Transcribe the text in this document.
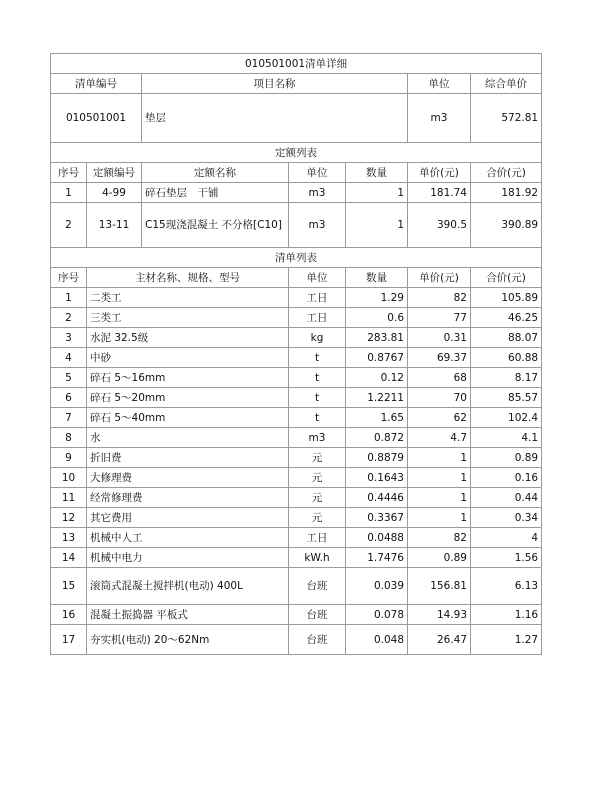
010501001清单详细						
清单编号		项目名称			单位	综合单价
010501001		垫层			m3	572.81
定额列表						
序号	定额编号	定额名称	单位	数量	单价(元)	合价(元)
1	4-99	碎石垫层　干铺	m3	1	181.74	181.92
2	13-11	C15现浇混凝土 不分格[C10]	m3	1	390.5	390.89
清单列表						
序号	主材名称、规格、型号		单位	数量	单价(元)	合价(元)
1	二类工		工日	1.29	82	105.89
2	三类工		工日	0.6	77	46.25
3	水泥 32.5级		kg	283.81	0.31	88.07
4	中砂		t	0.8767	69.37	60.88
5	碎石 5～16mm		t	0.12	68	8.17
6	碎石 5～20mm		t	1.2211	70	85.57
7	碎石 5～40mm		t	1.65	62	102.4
8	水		m3	0.872	4.7	4.1
9	折旧费		元	0.8879	1	0.89
10	大修理费		元	0.1643	1	0.16
11	经常修理费		元	0.4446	1	0.44
12	其它费用		元	0.3367	1	0.34
13	机械中人工		工日	0.0488	82	4
14	机械中电力		kW.h	1.7476	0.89	1.56
15	滚筒式混凝土搅拌机(电动) 400L		台班	0.039	156.81	6.13
16	混凝土振捣器 平板式		台班	0.078	14.93	1.16
17	夯实机(电动) 20～62Nm		台班	0.048	26.47	1.27
